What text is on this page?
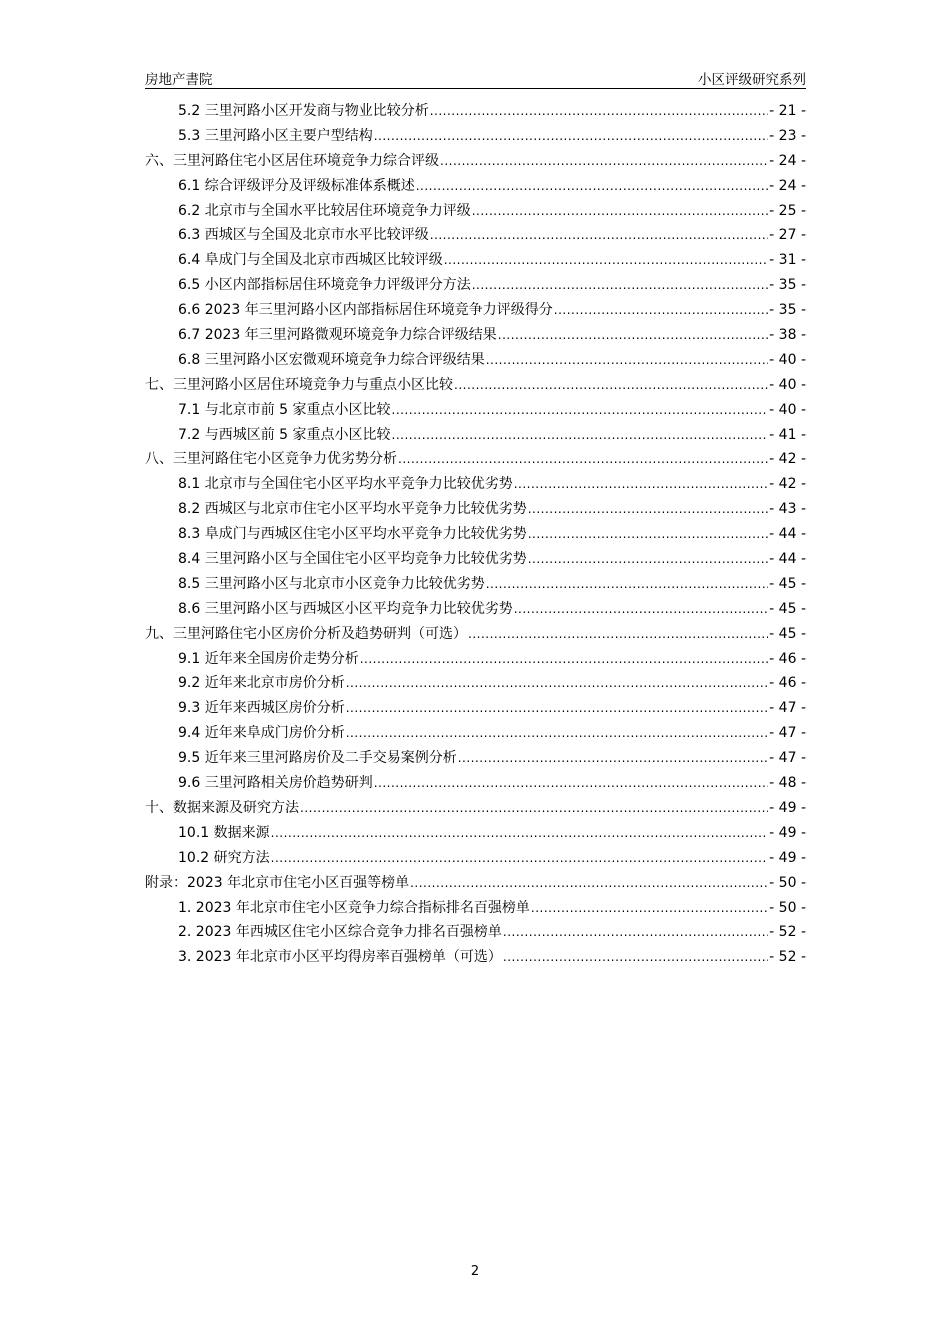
房地产書院	小区评级研究系列
5.2 三里河路小区开发商与物业比较分析 .....	- 21 -
5.3 三里河路小区主要户型结构 .....	- 23 -
六、三里河路住宅小区居住环境竞争力综合评级 .....	- 24 -
6.1 综合评级评分及评级标准体系概述 .....	- 24 -
6.2 北京市与全国水平比较居住环境竞争力评级 .....	- 25 -
6.3 西城区与全国及北京市水平比较评级 .....	- 27 -
6.4 阜成门与全国及北京市西城区比较评级 .....	- 31 -
6.5 小区内部指标居住环境竞争力评级评分方法 .....	- 35 -
6.6 2023 年三里河路小区内部指标居住环境竞争力评级得分 .....	- 35 -
6.7 2023 年三里河路微观环境竞争力综合评级结果 .....	- 38 -
6.8 三里河路小区宏微观环境竞争力综合评级结果 .....	- 40 -
七、三里河路小区居住环境竞争力与重点小区比较 .....	- 40 -
7.1 与北京市前 5 家重点小区比较 .....	- 40 -
7.2 与西城区前 5 家重点小区比较 .....	- 41 -
八、三里河路住宅小区竞争力优劣势分析 .....	- 42 -
8.1 北京市与全国住宅小区平均水平竞争力比较优劣势 .....	- 42 -
8.2 西城区与北京市住宅小区平均水平竞争力比较优劣势 .....	- 43 -
8.3 阜成门与西城区住宅小区平均水平竞争力比较优劣势 .....	- 44 -
8.4 三里河路小区与全国住宅小区平均竞争力比较优劣势 .....	- 44 -
8.5 三里河路小区与北京市小区竞争力比较优劣势 .....	- 45 -
8.6 三里河路小区与西城区小区平均竞争力比较优劣势 .....	- 45 -
九、三里河路住宅小区房价分析及趋势研判（可选） .....	- 45 -
9.1 近年来全国房价走势分析 .....	- 46 -
9.2 近年来北京市房价分析 .....	- 46 -
9.3 近年来西城区房价分析 .....	- 47 -
9.4 近年来阜成门房价分析 .....	- 47 -
9.5 近年来三里河路房价及二手交易案例分析 .....	- 47 -
9.6 三里河路相关房价趋势研判 .....	- 48 -
十、数据来源及研究方法 .....	- 49 -
10.1 数据来源 .....	- 49 -
10.2 研究方法 .....	- 49 -
附录：2023 年北京市住宅小区百强等榜单 .....	- 50 -
1. 2023 年北京市住宅小区竞争力综合指标排名百强榜单 .....	- 50 -
2. 2023 年西城区住宅小区综合竞争力排名百强榜单 .....	- 52 -
3. 2023 年北京市小区平均得房率百强榜单（可选） .....	- 52 -
2
